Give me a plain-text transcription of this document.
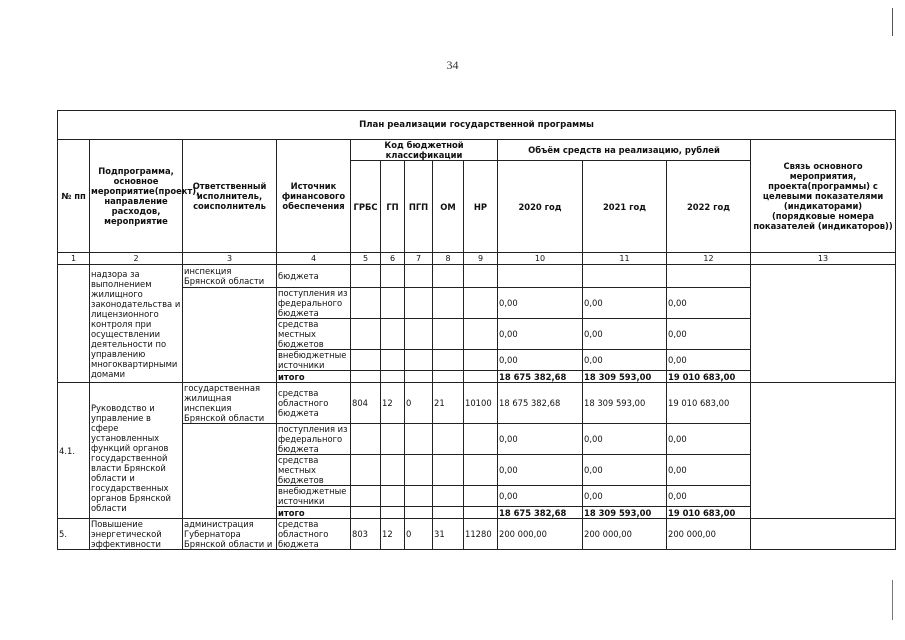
34
План реализации государственной программы												
№ пп	Подпрограмма, основное мероприятие(проект), направление расходов, мероприятие	Ответственный исполнитель, соисполнитель	Источник финансового обеспечения	Код бюджетной классификации					Объём средств на реализацию, рублей			Связь основного мероприятия, проекта(программы) с целевыми показателями (индикаторами) (порядковые номера показателей (индикаторов))
				ГРБС	ГП	ПГП	ОМ	НР	2020 год	2021 год	2022 год	
1	2	3	4	5	6	7	8	9	10	11	12	13
	надзора за выполнением жилищного законодательства и лицензионного контроля при осуществлении деятельности по управлению многоквартирными домами	инспекция Брянской области	бюджета									
			поступления из федерального бюджета						0,00	0,00	0,00	
			средства местных бюджетов						0,00	0,00	0,00	
			внебюджетные источники						0,00	0,00	0,00	
			итого						18 675 382,68	18 309 593,00	19 010 683,00	
4.1.	Руководство и управление в сфере установленных функций органов государственной власти Брянской области и государственных органов Брянской области	государственная жилищная инспекция Брянской области	средства областного бюджета	804	12	0	21	10100	18 675 382,68	18 309 593,00	19 010 683,00	
			поступления из федерального бюджета						0,00	0,00	0,00	
			средства местных бюджетов						0,00	0,00	0,00	
			внебюджетные источники						0,00	0,00	0,00	
			итого						18 675 382,68	18 309 593,00	19 010 683,00	
5.	Повышение энергетической эффективности	администрация Губернатора Брянской области и	средства областного бюджета	803	12	0	31	11280	200 000,00	200 000,00	200 000,00	
